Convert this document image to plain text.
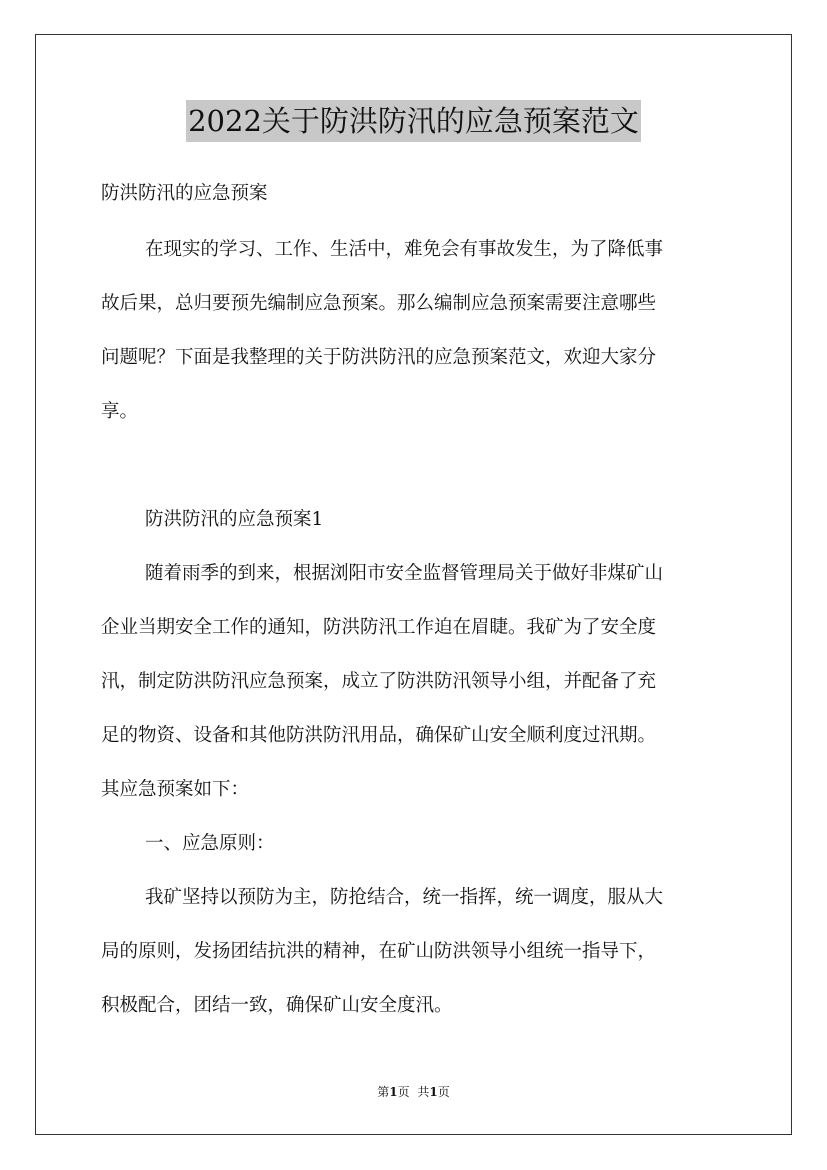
2022关于防洪防汛的应急预案范文
防洪防汛的应急预案
在现实的学习、工作、生活中，难免会有事故发生，为了降低事
故后果，总归要预先编制应急预案。那么编制应急预案需要注意哪些
问题呢？下面是我整理的关于防洪防汛的应急预案范文，欢迎大家分
享。
防洪防汛的应急预案1
随着雨季的到来，根据浏阳市安全监督管理局关于做好非煤矿山
企业当期安全工作的通知，防洪防汛工作迫在眉睫。我矿为了安全度
汛，制定防洪防汛应急预案，成立了防洪防汛领导小组，并配备了充
足的物资、设备和其他防洪防汛用品，确保矿山安全顺利度过汛期。
其应急预案如下：
一、应急原则：
我矿坚持以预防为主，防抢结合，统一指挥，统一调度，服从大
局的原则，发扬团结抗洪的精神，在矿山防洪领导小组统一指导下，
积极配合，团结一致，确保矿山安全度汛。
第1页 共1页
